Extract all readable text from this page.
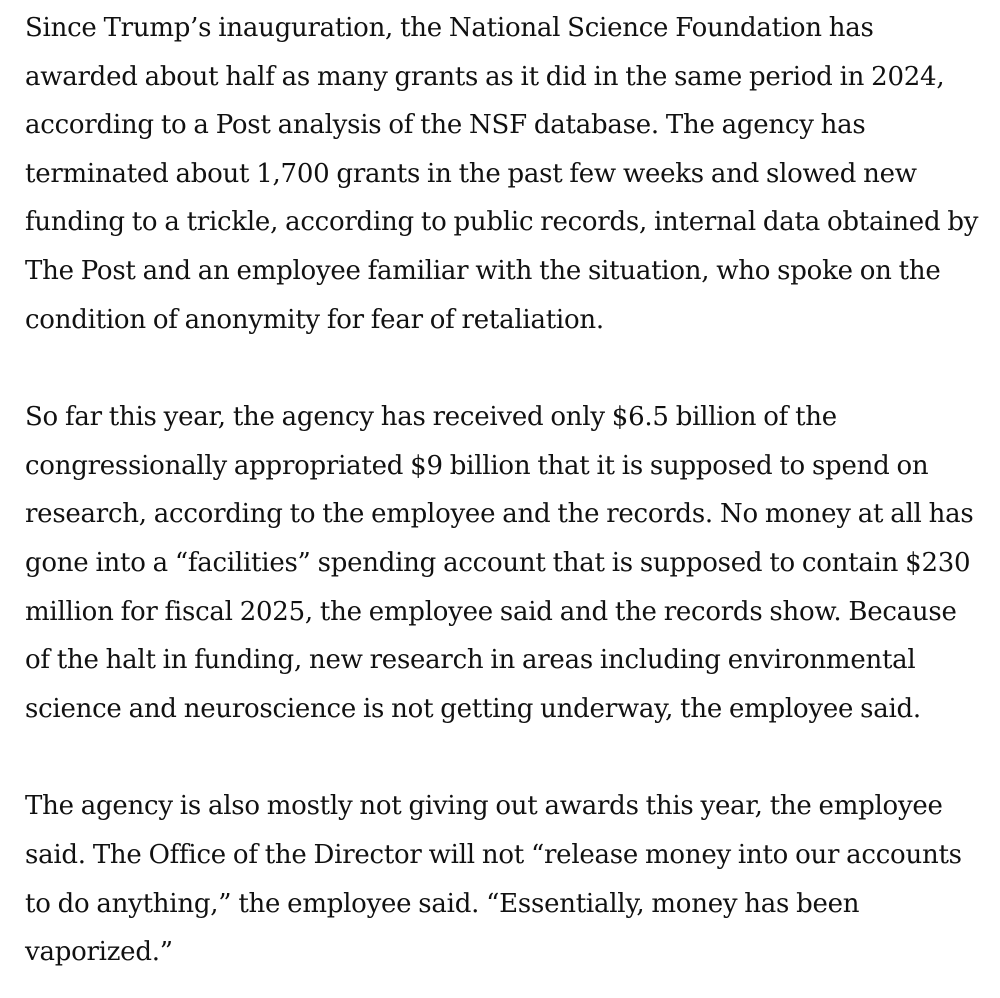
Since Trump’s inauguration, the National Science Foundation has awarded about half as many grants as it did in the same period in 2024, according to a Post analysis of the NSF database. The agency has terminated about 1,700 grants in the past few weeks and slowed new funding to a trickle, according to public records, internal data obtained by The Post and an employee familiar with the situation, who spoke on the condition of anonymity for fear of retaliation.

So far this year, the agency has received only $6.5 billion of the congressionally appropriated $9 billion that it is supposed to spend on research, according to the employee and the records. No money at all has gone into a “facilities” spending account that is supposed to contain $230 million for fiscal 2025, the employee said and the records show. Because of the halt in funding, new research in areas including environmental science and neuroscience is not getting underway, the employee said.

The agency is also mostly not giving out awards this year, the employee said. The Office of the Director will not “release money into our accounts to do anything,” the employee said. “Essentially, money has been vaporized.”
